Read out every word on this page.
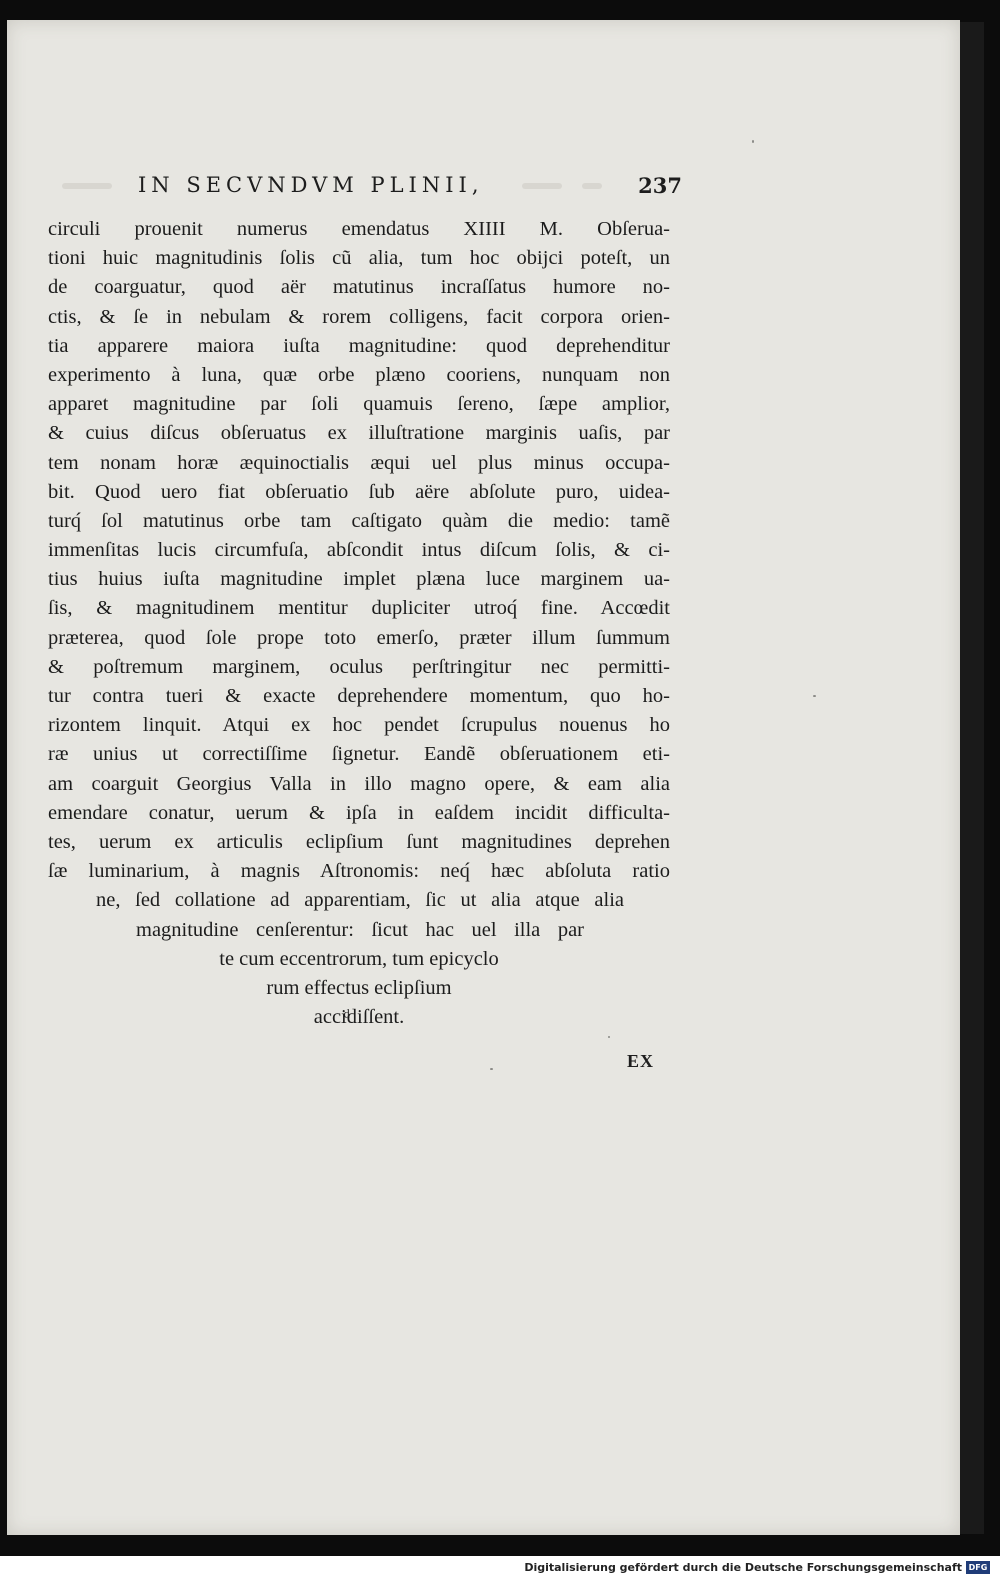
IN SECVNDVM PLINII,	237
circuli prouenit numerus emendatus XIIII M. Obſerua-
tioni huic magnitudinis ſolis cũ alia, tum hoc obijci poteſt, un
de coarguatur, quod aër matutinus incraſſatus humore no-
ctis, & ſe in nebulam & rorem colligens, facit corpora orien-
tia apparere maiora iuſta magnitudine: quod deprehenditur
experimento à luna, quæ orbe plæno cooriens, nunquam non
apparet magnitudine par ſoli quamuis ſereno, ſæpe amplior,
& cuius diſcus obſeruatus ex illuſtratione marginis uaſis, par
tem nonam horæ æquinoctialis æqui uel plus minus occupa-
bit. Quod uero fiat obſeruatio ſub aëre abſolute puro, uidea-
turq́ ſol matutinus orbe tam caſtigato quàm die medio: tamẽ
immenſitas lucis circumfuſa, abſcondit intus diſcum ſolis, & ci-
tius huius iuſta magnitudine implet plæna luce marginem ua-
ſis, & magnitudinem mentitur dupliciter utroq́ fine. Accœdit
præterea, quod ſole prope toto emerſo, præter illum ſummum
& poſtremum marginem, oculus perſtringitur nec permitti-
tur contra tueri & exacte deprehendere momentum, quo ho-
rizontem linquit. Atqui ex hoc pendet ſcrupulus nouenus ho
ræ unius ut correctiſſime ſignetur. Eandẽ obſeruationem eti-
am coarguit Georgius Valla in illo magno opere, & eam alia
emendare conatur, uerum & ipſa in eaſdem incidit difficulta-
tes, uerum ex articulis eclipſium ſunt magnitudines deprehen
ſæ luminarium, à magnis Aſtronomis: neq́ hæc abſoluta ratio
ne, ſed collatione ad apparentiam, ſic ut alia atque alia
magnitudine cenſerentur: ſicut hac uel illa par
te cum eccentrorum, tum epicyclo
rum effectus eclipſium
acciͩdiſſent.
EX
Digitalisierung gefördert durch die Deutsche Forschungsgemeinschaft DFG
